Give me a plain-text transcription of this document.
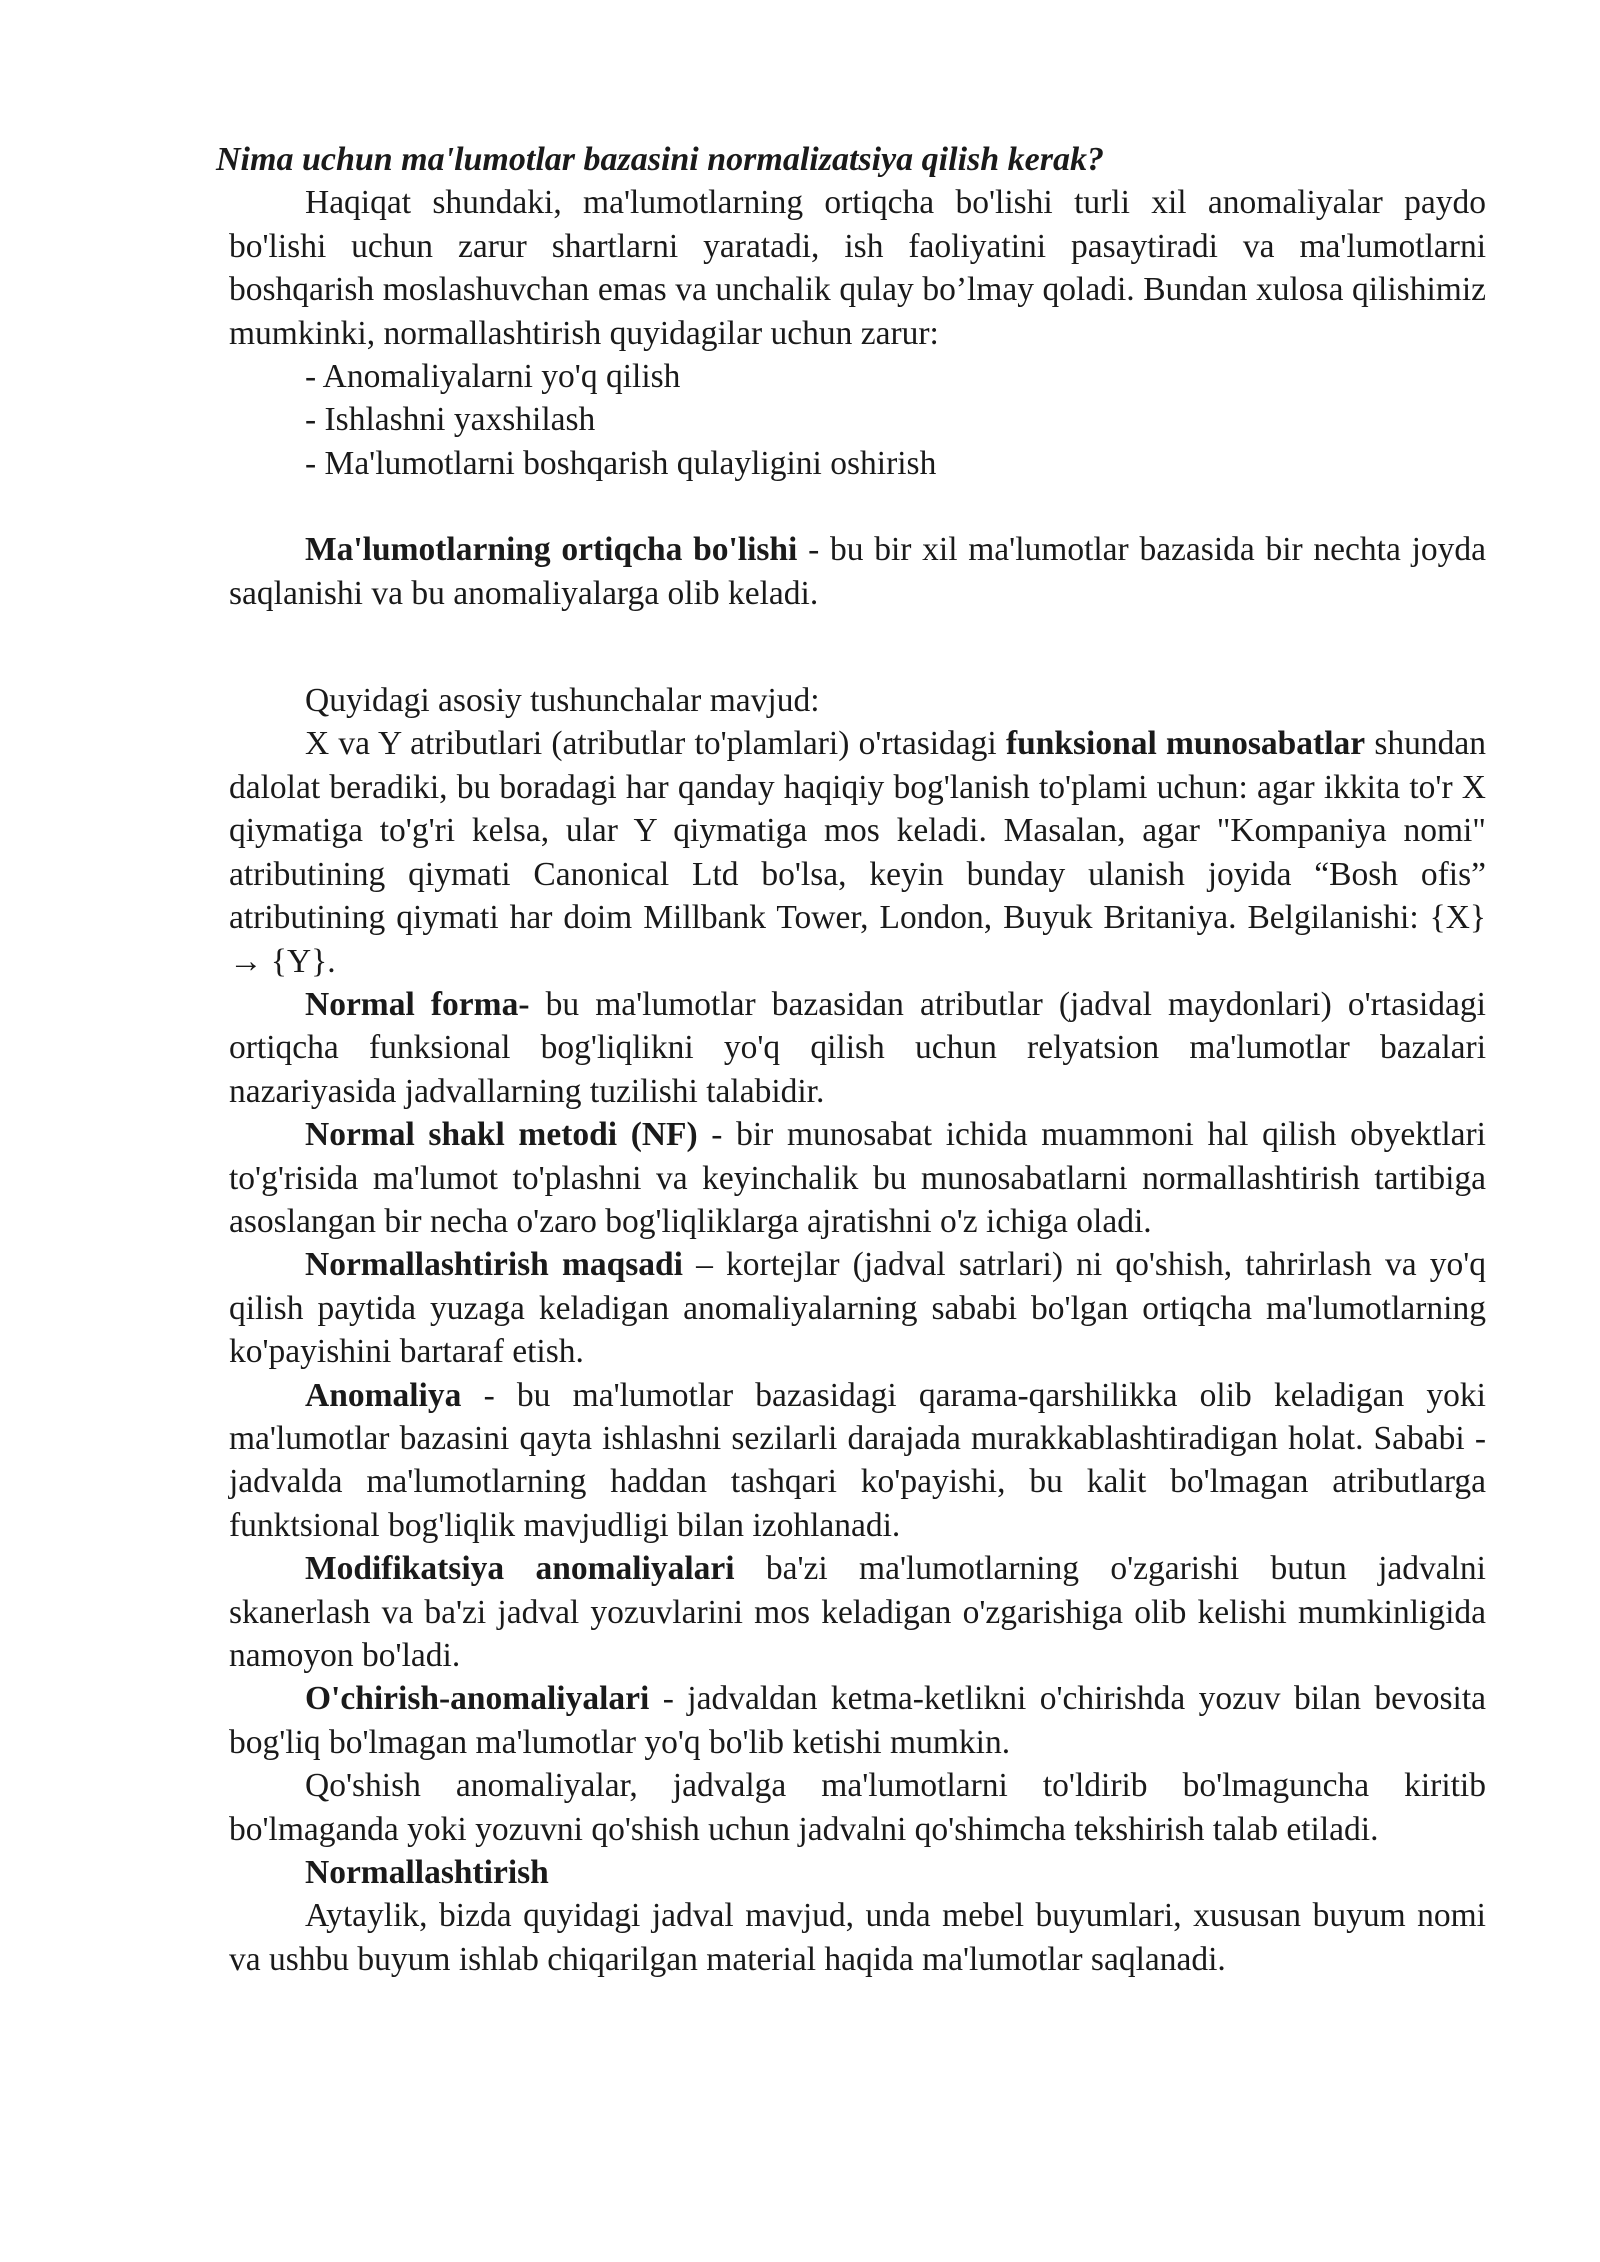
Nima uchun ma'lumotlar bazasini normalizatsiya qilish kerak?

Haqiqat shundaki, ma'lumotlarning ortiqcha bo'lishi turli xil anomaliyalar paydo bo'lishi uchun zarur shartlarni yaratadi, ish faoliyatini pasaytiradi va ma'lumotlarni boshqarish moslashuvchan emas va unchalik qulay bo’lmay qoladi. Bundan xulosa qilishimiz mumkinki, normallashtirish quyidagilar uchun zarur:

- Anomaliyalarni yo'q qilish
- Ishlashni yaxshilash
- Ma'lumotlarni boshqarish qulayligini oshirish

Ma'lumotlarning ortiqcha bo'lishi - bu bir xil ma'lumotlar bazasida bir nechta joyda saqlanishi va bu anomaliyalarga olib keladi.

Quyidagi asosiy tushunchalar mavjud:

X va Y atributlari (atributlar to'plamlari) o'rtasidagi funksional munosabatlar shundan dalolat beradiki, bu boradagi har qanday haqiqiy bog'lanish to'plami uchun: agar ikkita to'r X qiymatiga to'g'ri kelsa, ular Y qiymatiga mos keladi. Masalan, agar "Kompaniya nomi" atributining qiymati Canonical Ltd bo'lsa, keyin bunday ulanish joyida “Bosh ofis” atributining qiymati har doim Millbank Tower, London, Buyuk Britaniya. Belgilanishi: {X} → {Y}.

Normal forma- bu ma'lumotlar bazasidan atributlar (jadval maydonlari) o'rtasidagi ortiqcha funksional bog'liqlikni yo'q qilish uchun relyatsion ma'lumotlar bazalari nazariyasida jadvallarning tuzilishi talabidir.

Normal shakl metodi (NF) - bir munosabat ichida muammoni hal qilish obyektlari to'g'risida ma'lumot to'plashni va keyinchalik bu munosabatlarni normallashtirish tartibiga asoslangan bir necha o'zaro bog'liqliklarga ajratishni o'z ichiga oladi.

Normallashtirish maqsadi – kortejlar (jadval satrlari) ni qo'shish, tahrirlash va yo'q qilish paytida yuzaga keladigan anomaliyalarning sababi bo'lgan ortiqcha ma'lumotlarning ko'payishini bartaraf etish.

Anomaliya - bu ma'lumotlar bazasidagi qarama-qarshilikka olib keladigan yoki ma'lumotlar bazasini qayta ishlashni sezilarli darajada murakkablashtiradigan holat. Sababi - jadvalda ma'lumotlarning haddan tashqari ko'payishi, bu kalit bo'lmagan atributlarga funktsional bog'liqlik mavjudligi bilan izohlanadi.

Modifikatsiya anomaliyalari ba'zi ma'lumotlarning o'zgarishi butun jadvalni skanerlash va ba'zi jadval yozuvlarini mos keladigan o'zgarishiga olib kelishi mumkinligida namoyon bo'ladi.

O'chirish-anomaliyalari - jadvaldan ketma-ketlikni o'chirishda yozuv bilan bevosita bog'liq bo'lmagan ma'lumotlar yo'q bo'lib ketishi mumkin.

Qo'shish anomaliyalar, jadvalga ma'lumotlarni to'ldirib bo'lmaguncha kiritib bo'lmaganda yoki yozuvni qo'shish uchun jadvalni qo'shimcha tekshirish talab etiladi.

Normallashtirish

Aytaylik, bizda quyidagi jadval mavjud, unda mebel buyumlari, xususan buyum nomi va ushbu buyum ishlab chiqarilgan material haqida ma'lumotlar saqlanadi.
